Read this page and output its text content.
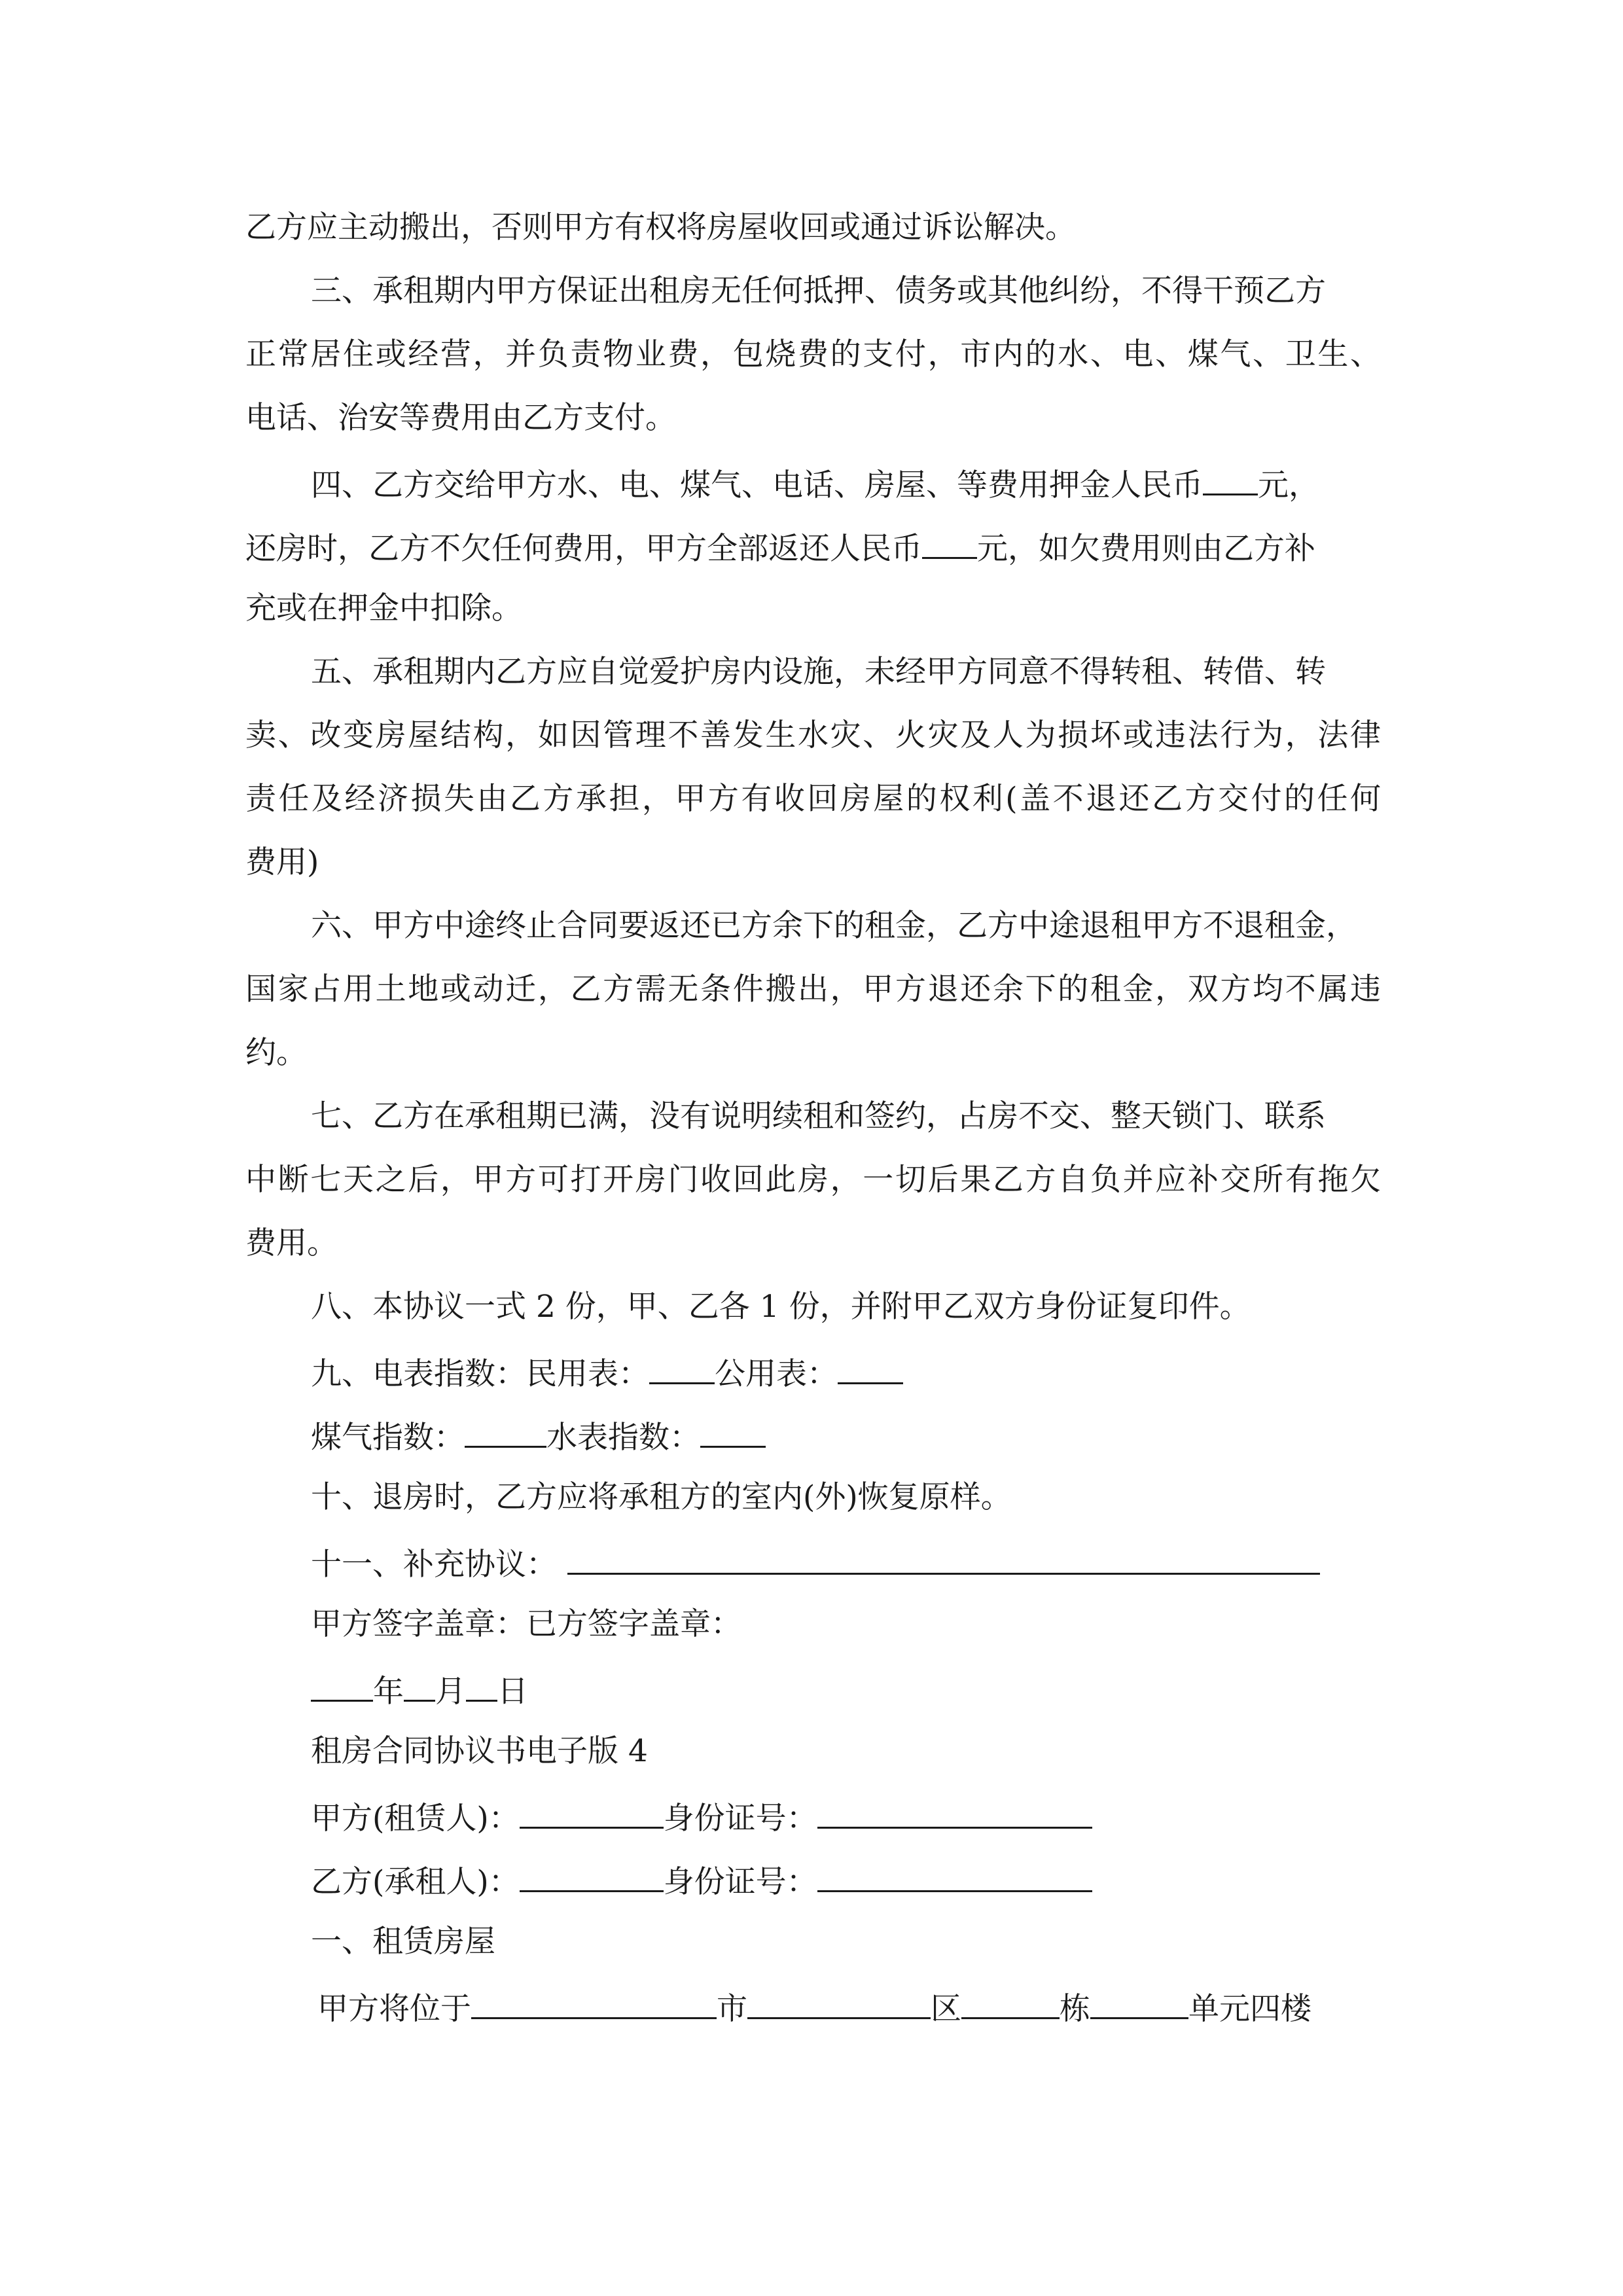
乙方应主动搬出，否则甲方有权将房屋收回或通过诉讼解决。
三、承租期内甲方保证出租房无任何抵押、债务或其他纠纷，不得干预乙方
正常居住或经营，并负责物业费，包烧费的支付，市内的水、电、煤气、卫生、
电话、治安等费用由乙方支付。
四、乙方交给甲方水、电、煤气、电话、房屋、等费用押金人民币 元，
还房时，乙方不欠任何费用，甲方全部返还人民币 元，如欠费用则由乙方补
充或在押金中扣除。
五、承租期内乙方应自觉爱护房内设施，未经甲方同意不得转租、转借、转
卖、改变房屋结构，如因管理不善发生水灾、火灾及人为损坏或违法行为，法律
责任及经济损失由乙方承担，甲方有收回房屋的权利(盖不退还乙方交付的任何
费用)
六、甲方中途终止合同要返还已方余下的租金，乙方中途退租甲方不退租金，
国家占用土地或动迁，乙方需无条件搬出，甲方退还余下的租金，双方均不属违
约。
七、乙方在承租期已满，没有说明续租和签约，占房不交、整天锁门、联系
中断七天之后，甲方可打开房门收回此房，一切后果乙方自负并应补交所有拖欠
费用。
八、本协议一式 2 份，甲、乙各 1 份，并附甲乙双方身份证复印件。
九、电表指数：民用表： 公用表：
煤气指数：	水表指数：
十、退房时，乙方应将承租方的室内(外)恢复原样。
十一、补充协议：
甲方签字盖章：已方签字盖章：
年 月 日
租房合同协议书电子版 4
甲方(租赁人)：	身份证号：
乙方(承租人)：	身份证号：
一、租赁房屋
甲方将位于	市	区	栋	单元四楼
